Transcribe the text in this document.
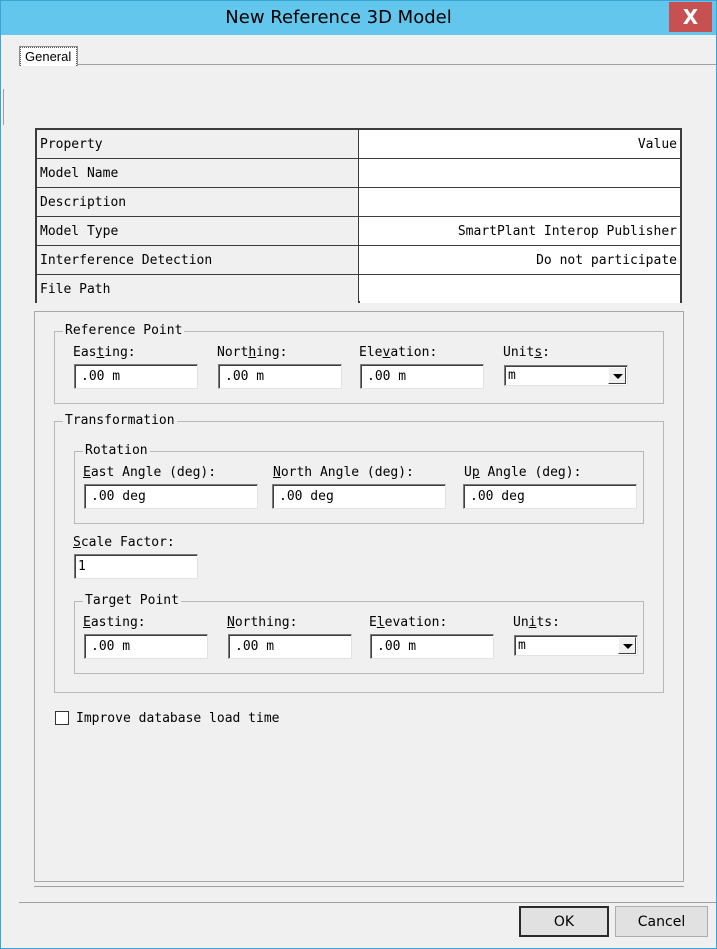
New Reference 3D Model	X
General
Property	Value
Model Name
Description
Model Type	SmartPlant Interop Publisher
Interference Detection	Do not participate
File Path
Reference Point
Easting:
.00 m
Northing:
.00 m
Elevation:
.00 m
Units:
m
Transformation
Rotation
East Angle (deg):
.00 deg
North Angle (deg):
.00 deg
Up Angle (deg):
.00 deg
Scale Factor:
1
Target Point
Easting:
.00 m
Northing:
.00 m
Elevation:
.00 m
Units:
m
Improve database load time
OK	Cancel
